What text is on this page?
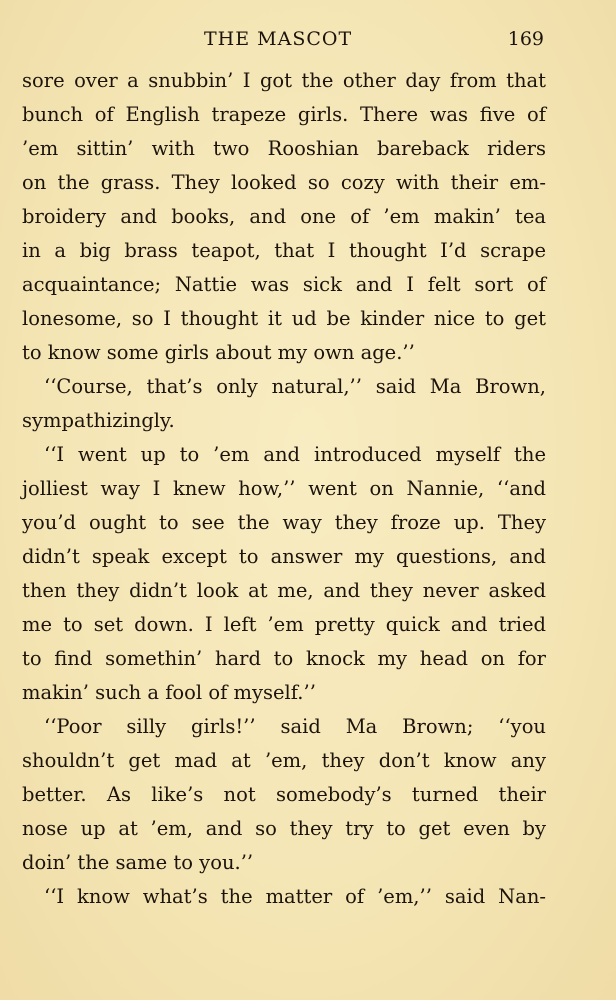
THE MASCOT	169
sore over a snubbin’ I got the other day from that
bunch of English trapeze girls. There was five of
’em sittin’ with two Rooshian bareback riders
on the grass. They looked so cozy with their em-
broidery and books, and one of ’em makin’ tea
in a big brass teapot, that I thought I’d scrape
acquaintance; Nattie was sick and I felt sort of
lonesome, so I thought it ud be kinder nice to get
to know some girls about my own age.’’
‘‘Course, that’s only natural,’’ said Ma Brown,
sympathizingly.
‘‘I went up to ’em and introduced myself the
jolliest way I knew how,’’ went on Nannie, ‘‘and
you’d ought to see the way they froze up. They
didn’t speak except to answer my questions, and
then they didn’t look at me, and they never asked
me to set down. I left ’em pretty quick and tried
to find somethin’ hard to knock my head on for
makin’ such a fool of myself.’’
‘‘Poor silly girls!’’ said Ma Brown; ‘‘you
shouldn’t get mad at ’em, they don’t know any
better. As like’s not somebody’s turned their
nose up at ’em, and so they try to get even by
doin’ the same to you.’’
‘‘I know what’s the matter of ’em,’’ said Nan-
